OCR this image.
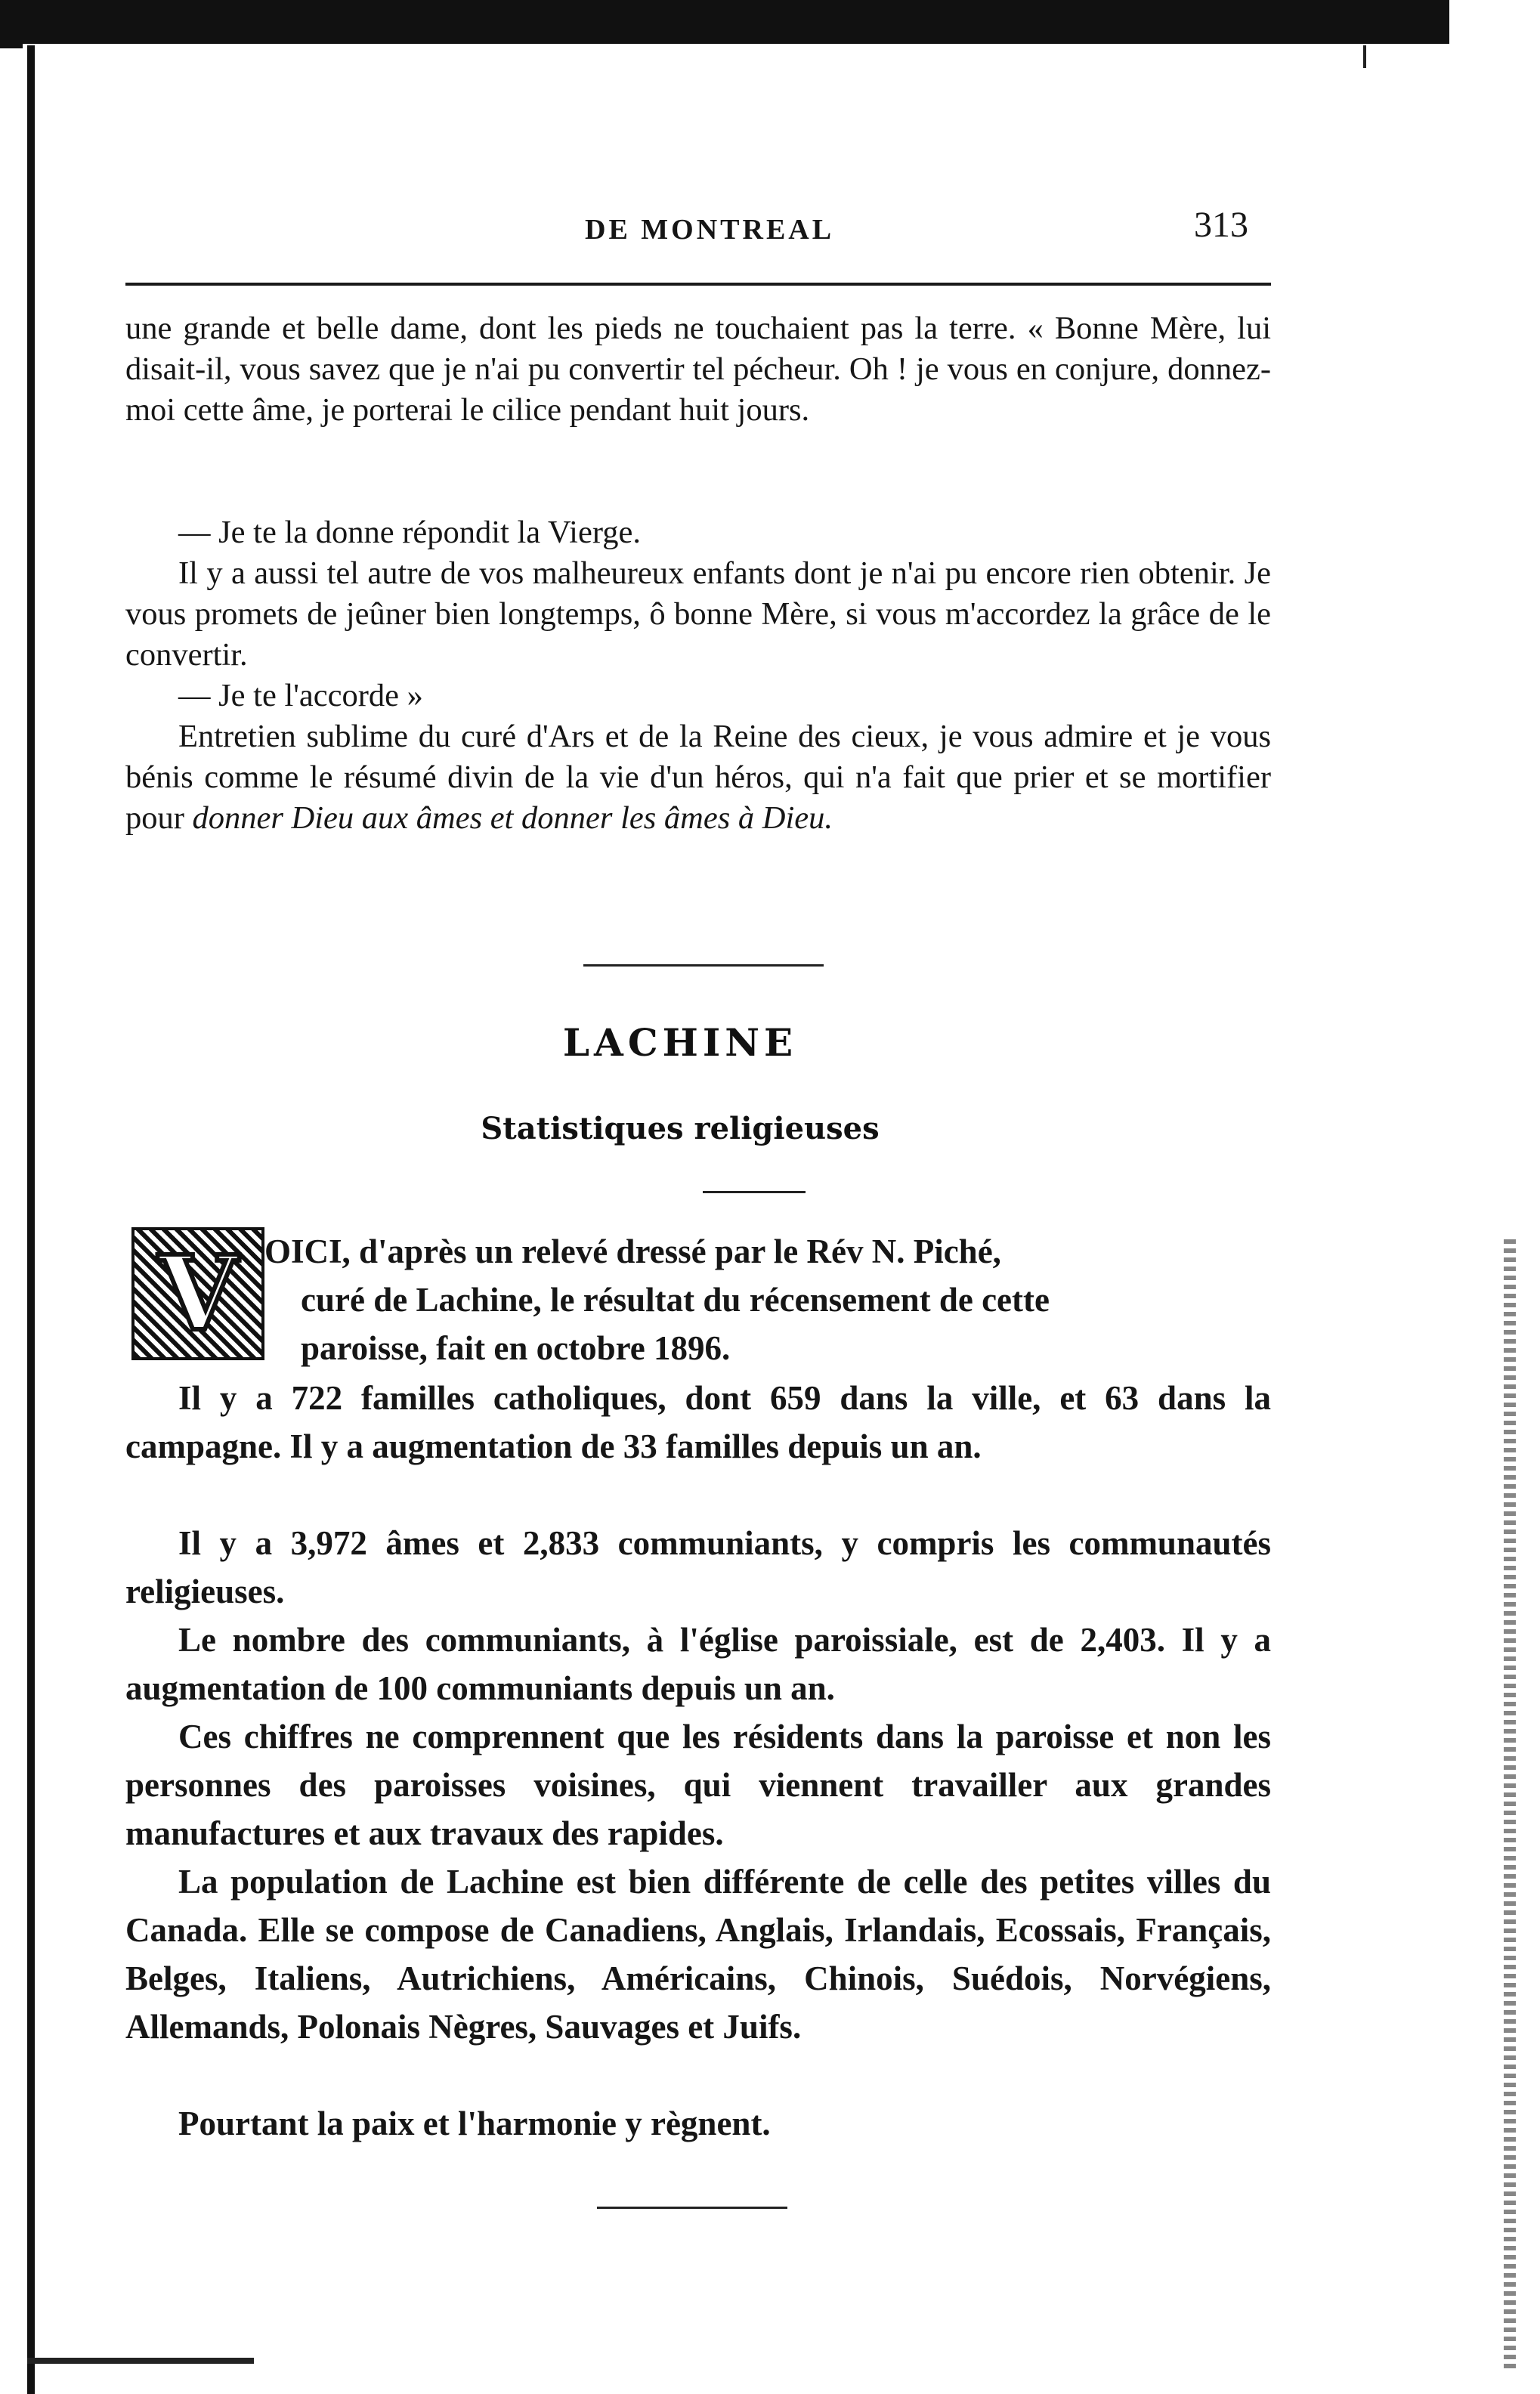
DE MONTREAL	313

une grande et belle dame, dont les pieds ne touchaient pas la terre. « Bonne Mère, lui disait-il, vous savez que je n'ai pu convertir tel pécheur. Oh ! je vous en conjure, donnez-moi cette âme, je porterai le cilice pendant huit jours.

— Je te la donne répondit la Vierge.

Il y a aussi tel autre de vos malheureux enfants dont je n'ai pu encore rien obtenir. Je vous promets de jeûner bien longtemps, ô bonne Mère, si vous m'accordez la grâce de le convertir.

— Je te l'accorde »

Entretien sublime du curé d'Ars et de la Reine des cieux, je vous admire et je vous bénis comme le résumé divin de la vie d'un héros, qui n'a fait que prier et se mortifier pour donner Dieu aux âmes et donner les âmes à Dieu.

LACHINE
Statistiques religieuses
V OICI, d'après un relevé dressé par le Rév N. Piché,

curé de Lachine, le résultat du récensement de cette

paroisse, fait en octobre 1896.

Il y a 722 familles catholiques, dont 659 dans la ville, et 63 dans la campagne. Il y a augmentation de 33 familles depuis un an.

Il y a 3,972 âmes et 2,833 communiants, y compris les communautés religieuses.

Le nombre des communiants, à l'église paroissiale, est de 2,403. Il y a augmentation de 100 communiants depuis un an.

Ces chiffres ne comprennent que les résidents dans la paroisse et non les personnes des paroisses voisines, qui viennent travailler aux grandes manufactures et aux travaux des rapides.

La population de Lachine est bien différente de celle des petites villes du Canada. Elle se compose de Canadiens, Anglais, Irlandais, Ecossais, Français, Belges, Italiens, Autrichiens, Américains, Chinois, Suédois, Norvégiens, Allemands, Polonais Nègres, Sauvages et Juifs.

Pourtant la paix et l'harmonie y règnent.
